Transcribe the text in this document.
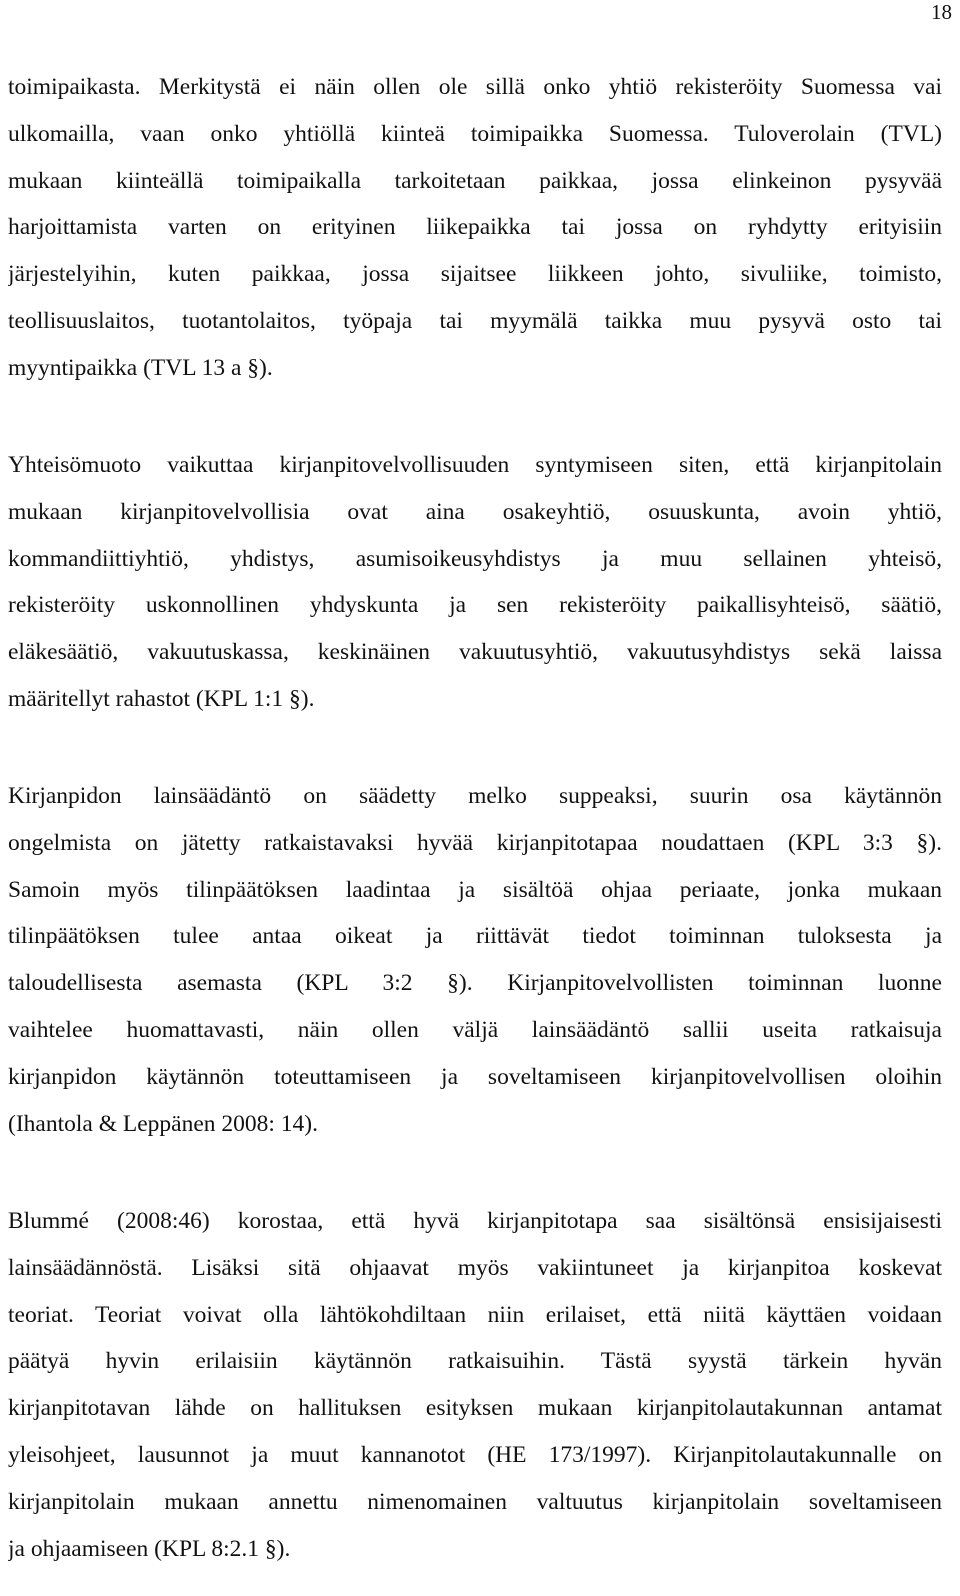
18
toimipaikasta. Merkitystä ei näin ollen ole sillä onko yhtiö rekisteröity Suomessa vai
ulkomailla, vaan onko yhtiöllä kiinteä toimipaikka Suomessa. Tuloverolain (TVL)
mukaan kiinteällä toimipaikalla tarkoitetaan paikkaa, jossa elinkeinon pysyvää
harjoittamista varten on erityinen liikepaikka tai jossa on ryhdytty erityisiin
järjestelyihin, kuten paikkaa, jossa sijaitsee liikkeen johto, sivuliike, toimisto,
teollisuuslaitos, tuotantolaitos, työpaja tai myymälä taikka muu pysyvä osto tai
myyntipaikka (TVL 13 a §).
Yhteisömuoto vaikuttaa kirjanpitovelvollisuuden syntymiseen siten, että kirjanpitolain
mukaan kirjanpitovelvollisia ovat aina osakeyhtiö, osuuskunta, avoin yhtiö,
kommandiittiyhtiö, yhdistys, asumisoikeusyhdistys ja muu sellainen yhteisö,
rekisteröity uskonnollinen yhdyskunta ja sen rekisteröity paikallisyhteisö, säätiö,
eläkesäätiö, vakuutuskassa, keskinäinen vakuutusyhtiö, vakuutusyhdistys sekä laissa
määritellyt rahastot (KPL 1:1 §).
Kirjanpidon lainsäädäntö on säädetty melko suppeaksi, suurin osa käytännön
ongelmista on jätetty ratkaistavaksi hyvää kirjanpitotapaa noudattaen (KPL 3:3 §).
Samoin myös tilinpäätöksen laadintaa ja sisältöä ohjaa periaate, jonka mukaan
tilinpäätöksen tulee antaa oikeat ja riittävät tiedot toiminnan tuloksesta ja
taloudellisesta asemasta (KPL 3:2 §). Kirjanpitovelvollisten toiminnan luonne
vaihtelee huomattavasti, näin ollen väljä lainsäädäntö sallii useita ratkaisuja
kirjanpidon käytännön toteuttamiseen ja soveltamiseen kirjanpitovelvollisen oloihin
(Ihantola & Leppänen 2008: 14).
Blummé (2008:46) korostaa, että hyvä kirjanpitotapa saa sisältönsä ensisijaisesti
lainsäädännöstä. Lisäksi sitä ohjaavat myös vakiintuneet ja kirjanpitoa koskevat
teoriat. Teoriat voivat olla lähtökohdiltaan niin erilaiset, että niitä käyttäen voidaan
päätyä hyvin erilaisiin käytännön ratkaisuihin. Tästä syystä tärkein hyvän
kirjanpitotavan lähde on hallituksen esityksen mukaan kirjanpitolautakunnan antamat
yleisohjeet, lausunnot ja muut kannanotot (HE 173/1997). Kirjanpitolautakunnalle on
kirjanpitolain mukaan annettu nimenomainen valtuutus kirjanpitolain soveltamiseen
ja ohjaamiseen (KPL 8:2.1 §).
